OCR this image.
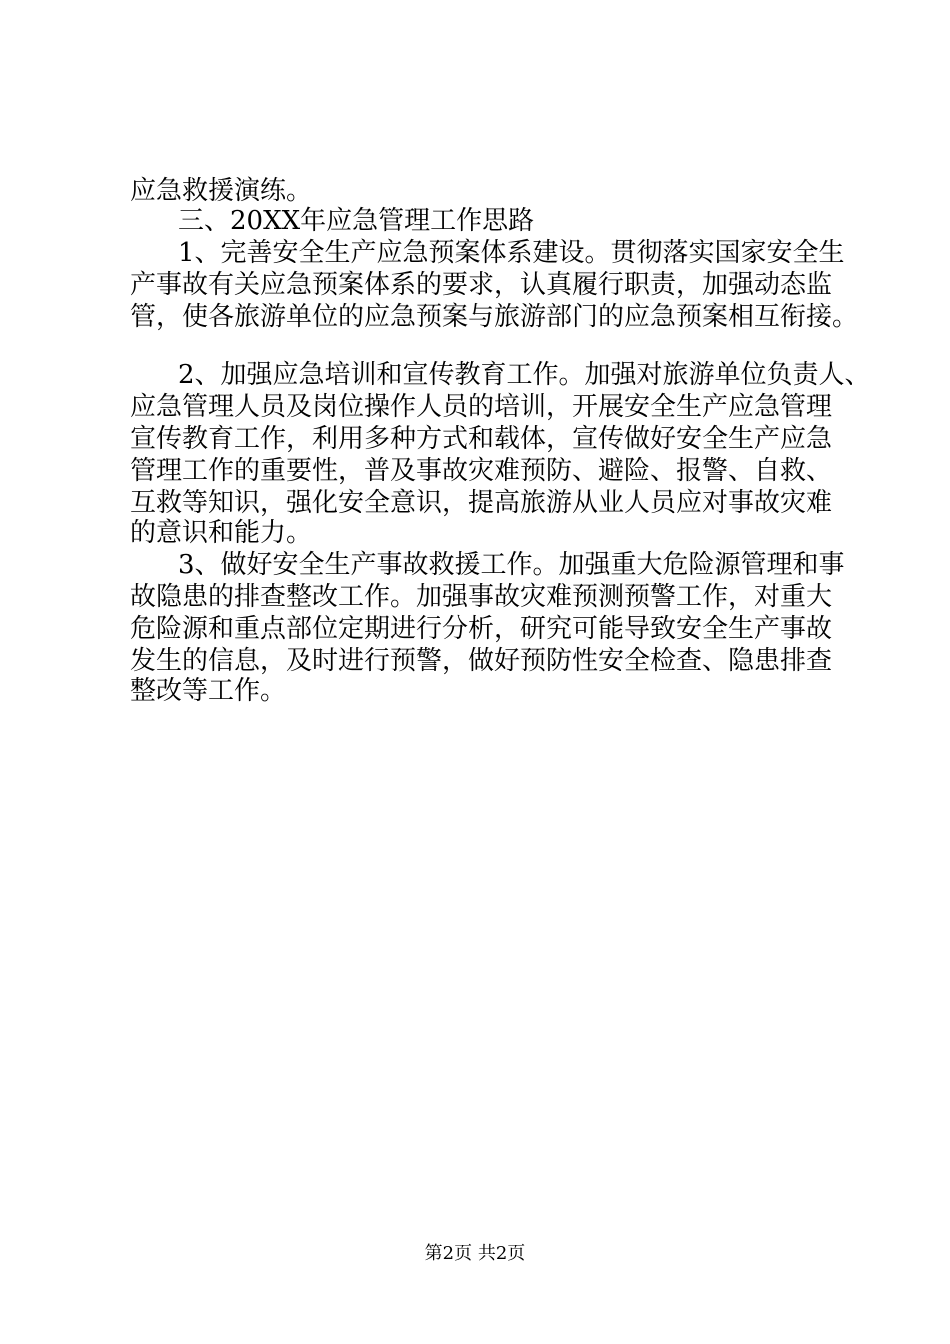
应急救援演练。
三、20XX年应急管理工作思路
1、完善安全生产应急预案体系建设。贯彻落实国家安全生
产事故有关应急预案体系的要求，认真履行职责，加强动态监
管，使各旅游单位的应急预案与旅游部门的应急预案相互衔接。
2、加强应急培训和宣传教育工作。加强对旅游单位负责人、
应急管理人员及岗位操作人员的培训，开展安全生产应急管理
宣传教育工作，利用多种方式和载体，宣传做好安全生产应急
管理工作的重要性，普及事故灾难预防、避险、报警、自救、
互救等知识，强化安全意识，提高旅游从业人员应对事故灾难
的意识和能力。
3、做好安全生产事故救援工作。加强重大危险源管理和事
故隐患的排查整改工作。加强事故灾难预测预警工作，对重大
危险源和重点部位定期进行分析，研究可能导致安全生产事故
发生的信息，及时进行预警，做好预防性安全检查、隐患排查
整改等工作。
第2页 共2页
